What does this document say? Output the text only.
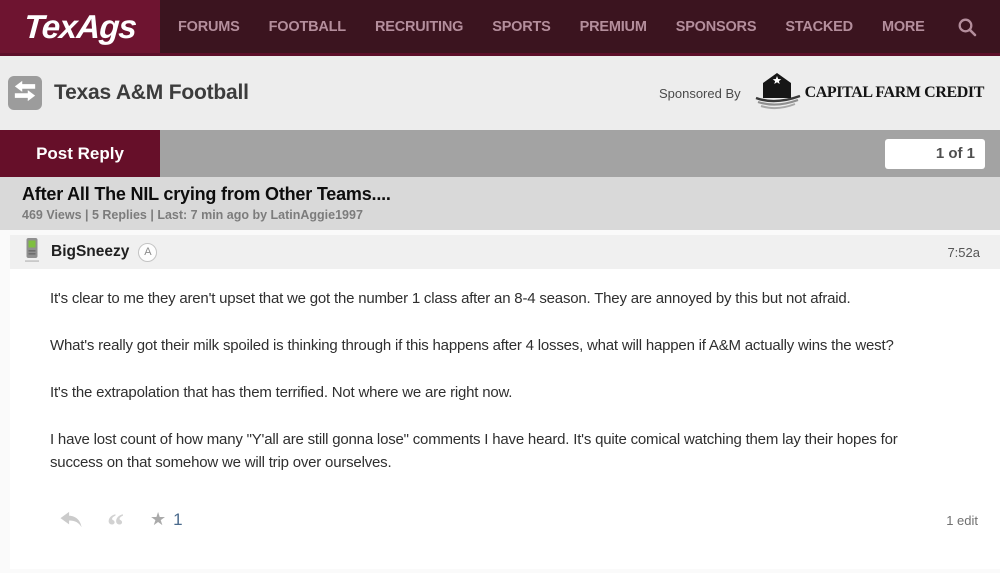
TexAgs	FORUMS FOOTBALL RECRUITING SPORTS PREMIUM SPONSORS STACKED MORE
Texas A&M Football	Sponsored By	CAPITAL FARM CREDIT
Post Reply	1 of 1
After All The NIL crying from Other Teams....
469 Views | 5 Replies | Last: 7 min ago by LatinAggie1997
BigSneezy	A	7:52a

It's clear to me they aren't upset that we got the number 1 class after an 8-4 season. They are annoyed by this but not afraid.

What's really got their milk spoiled is thinking through if this happens after 4 losses, what will happen if A&M actually wins the west?

It's the extrapolation that has them terrified. Not where we are right now.

I have lost count of how many "Y'all are still gonna lose" comments I have heard. It's quite comical watching them lay their hopes for success on that somehow we will trip over ourselves.

“ ★ 1	1 edit
